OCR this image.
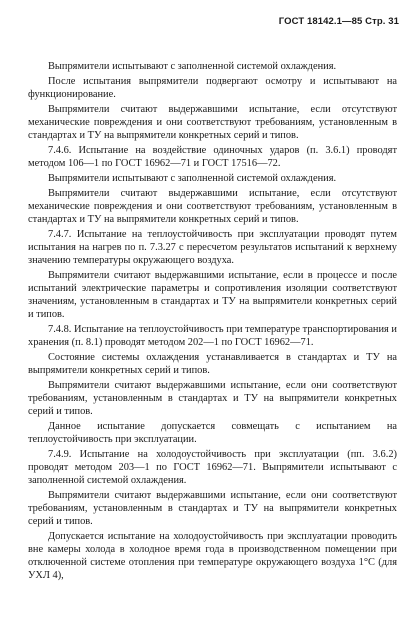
ГОСТ 18142.1—85 Стр. 31

Выпрямители испытывают с заполненной системой охлаждения.

После испытания выпрямители подвергают осмотру и испытывают на функционирование.

Выпрямители считают выдержавшими испытание, если отсутствуют механические повреждения и они соответствуют требованиям, установленным в стандартах и ТУ на выпрямители конкретных серий и типов.

7.4.6. Испытание на воздействие одиночных ударов (п. 3.6.1) проводят методом 106—1 по ГОСТ 16962—71 и ГОСТ 17516—72.

Выпрямители испытывают с заполненной системой охлаждения.

Выпрямители считают выдержавшими испытание, если отсутствуют механические повреждения и они соответствуют требованиям, установленным в стандартах и ТУ на выпрямители конкретных серий и типов.

7.4.7. Испытание на теплоустойчивость при эксплуатации проводят путем испытания на нагрев по п. 7.3.27 с пересчетом результатов испытаний к верхнему значению температуры окружающего воздуха.

Выпрямители считают выдержавшими испытание, если в процессе и после испытаний электрические параметры и сопротивления изоляции соответствуют значениям, установленным в стандартах и ТУ на выпрямители конкретных серий и типов.

7.4.8. Испытание на теплоустойчивость при температуре транспортирования и хранения (п. 8.1) проводят методом 202—1 по ГОСТ 16962—71.

Состояние системы охлаждения устанавливается в стандартах и ТУ на выпрямители конкретных серий и типов.

Выпрямители считают выдержавшими испытание, если они соответствуют требованиям, установленным в стандартах и ТУ на выпрямители конкретных серий и типов.

Данное испытание допускается совмещать с испытанием на теплоустойчивость при эксплуатации.

7.4.9. Испытание на холодоустойчивость при эксплуатации (пп. 3.6.2) проводят методом 203—1 по ГОСТ 16962—71. Выпрямители испытывают с заполненной системой охлаждения.

Выпрямители считают выдержавшими испытание, если они соответствуют требованиям, установленным в стандартах и ТУ на выпрямители конкретных серий и типов.

Допускается испытание на холодоустойчивость при эксплуатации проводить вне камеры холода в холодное время года в производственном помещении при отключенной системе отопления при температуре окружающего воздуха 1°С (для УХЛ 4),
